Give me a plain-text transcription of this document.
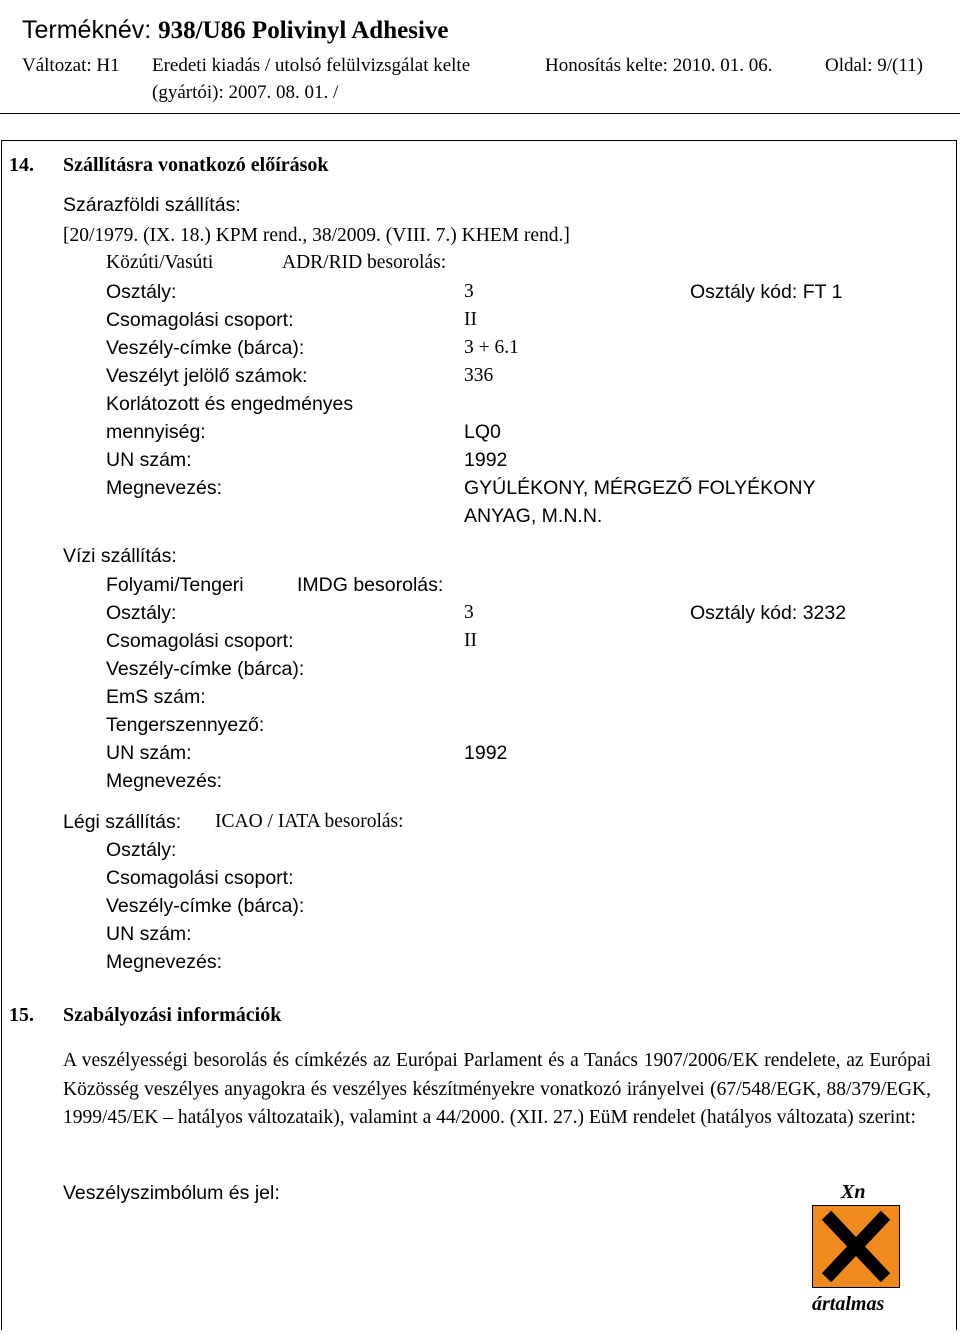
Terméknév: 938/U86 Polivinyl Adhesive
Változat: H1 Eredeti kiadás / utolsó felülvizsgálat kelte
(gyártói): 2007. 08. 01. /
Honosítás kelte: 2010. 01. 06.	Oldal: 9/(11)
14. Szállításra vonatkozó előírások
Szárazföldi szállítás:
[20/1979. (IX. 18.) KPM rend., 38/2009. (VIII. 7.) KHEM rend.]
Közúti/Vasúti	ADR/RID besorolás:
Osztály:	3	Osztály kód: FT 1
Csomagolási csoport:	II
Veszély-címke (bárca):	3 + 6.1
Veszélyt jelölő számok:	336
Korlátozott és engedményes
mennyiség:	LQ0
UN szám:	1992
Megnevezés:	GYÚLÉKONY, MÉRGEZŐ FOLYÉKONY
ANYAG, M.N.N.
Vízi szállítás:
Folyami/Tengeri	IMDG besorolás:
Osztály:	3	Osztály kód: 3232
Csomagolási csoport:	II
Veszély-címke (bárca):
EmS szám:
Tengerszennyező:
UN szám:	1992
Megnevezés:
Légi szállítás: ICAO / IATA besorolás:
Osztály:
Csomagolási csoport:
Veszély-címke (bárca):
UN szám:
Megnevezés:
15. Szabályozási információk
A veszélyességi besorolás és címkézés az Európai Parlament és a Tanács 1907/2006/EK rendelete, az Európai Közösség veszélyes anyagokra és veszélyes készítményekre vonatkozó irányelvei (67/548/EGK, 88/379/EGK, 1999/45/EK – hatályos változataik), valamint a 44/2000. (XII. 27.) EüM rendelet (hatályos változata) szerint:
Veszélyszimbólum és jel:	Xn
ártalmas
